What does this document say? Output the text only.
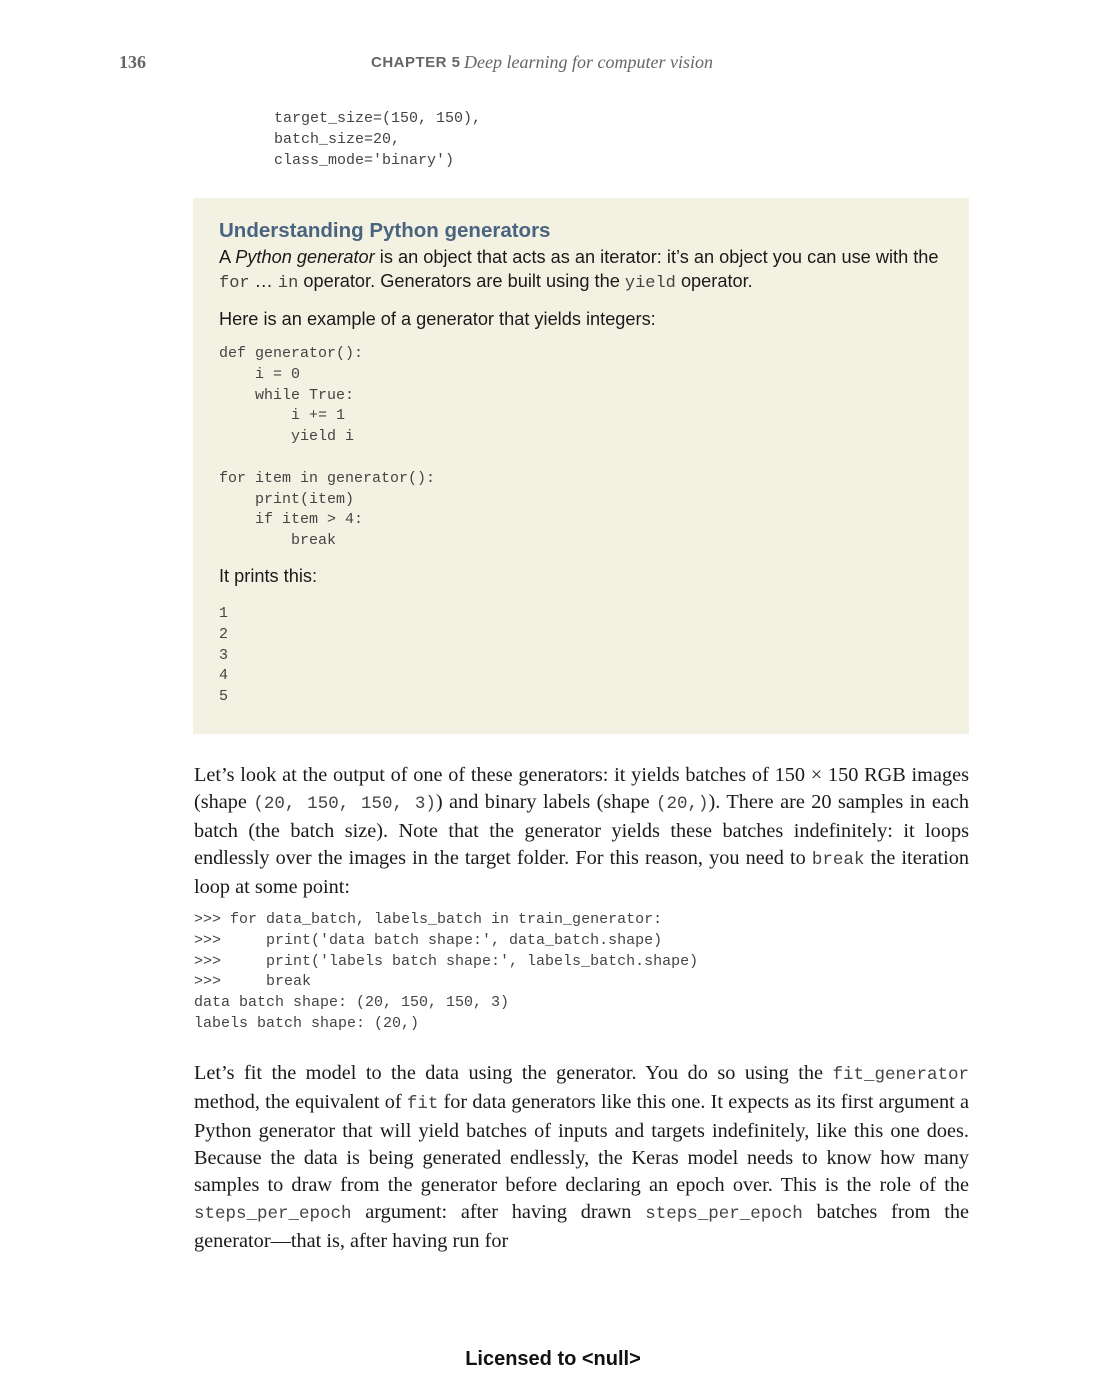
136	CHAPTER 5 Deep learning for computer vision
target_size=(150, 150),
batch_size=20,
class_mode='binary')
Understanding Python generators
A Python generator is an object that acts as an iterator: it’s an object you can use with the for … in operator. Generators are built using the yield operator.
Here is an example of a generator that yields integers:
def generator():
i = 0
while True:
i += 1
yield i

for item in generator():
print(item)
if item > 4:
break
It prints this:
1
2
3
4
5
Let’s look at the output of one of these generators: it yields batches of 150 × 150 RGB images (shape (20, 150, 150, 3)) and binary labels (shape (20,)). There are 20 samples in each batch (the batch size). Note that the generator yields these batches indefinitely: it loops endlessly over the images in the target folder. For this reason, you need to break the iteration loop at some point:
>>> for data_batch, labels_batch in train_generator:
>>>     print('data batch shape:', data_batch.shape)
>>>     print('labels batch shape:', labels_batch.shape)
>>>     break
data batch shape: (20, 150, 150, 3)
labels batch shape: (20,)
Let’s fit the model to the data using the generator. You do so using the fit_generator method, the equivalent of fit for data generators like this one. It expects as its first argument a Python generator that will yield batches of inputs and targets indefinitely, like this one does. Because the data is being generated endlessly, the Keras model needs to know how many samples to draw from the generator before declaring an epoch over. This is the role of the steps_per_epoch argument: after having drawn steps_per_epoch batches from the generator—that is, after having run for
Licensed to <null>
